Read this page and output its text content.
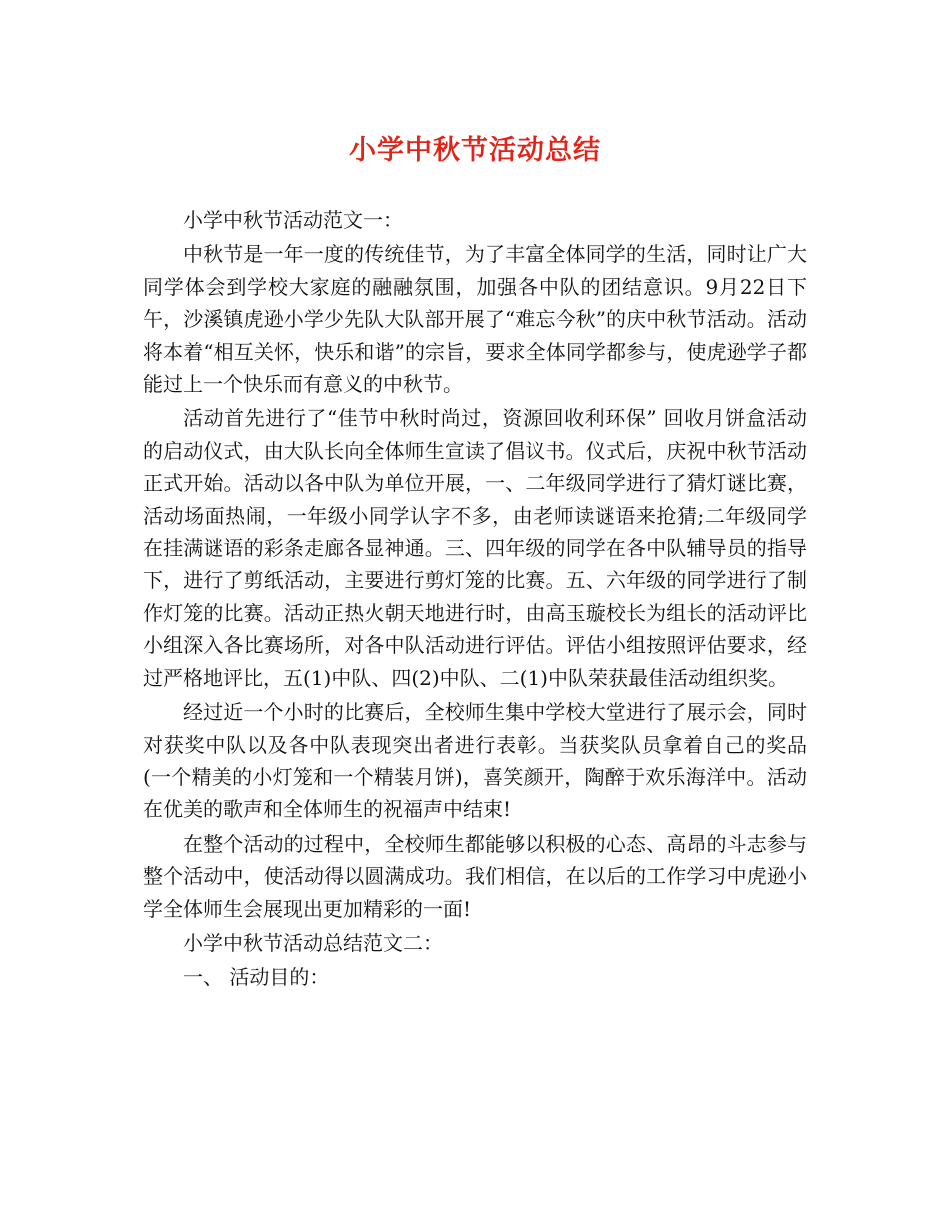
小学中秋节活动总结

小学中秋节活动范文一：

中秋节是一年一度的传统佳节，为了丰富全体同学的生活，同时让广大同学体会到学校大家庭的融融氛围，加强各中队的团结意识。9月22日下午，沙溪镇虎逊小学少先队大队部开展了“难忘今秋”的庆中秋节活动。活动将本着“相互关怀，快乐和谐”的宗旨，要求全体同学都参与，使虎逊学子都能过上一个快乐而有意义的中秋节。

活动首先进行了“佳节中秋时尚过，资源回收利环保” 回收月饼盒活动的启动仪式，由大队长向全体师生宣读了倡议书。仪式后，庆祝中秋节活动正式开始。活动以各中队为单位开展，一、二年级同学进行了猜灯谜比赛，活动场面热闹，一年级小同学认字不多，由老师读谜语来抢猜;二年级同学在挂满谜语的彩条走廊各显神通。三、四年级的同学在各中队辅导员的指导下，进行了剪纸活动，主要进行剪灯笼的比赛。五、六年级的同学进行了制作灯笼的比赛。活动正热火朝天地进行时，由高玉璇校长为组长的活动评比小组深入各比赛场所，对各中队活动进行评估。评估小组按照评估要求，经过严格地评比，五(1)中队、四(2)中队、二(1)中队荣获最佳活动组织奖。

经过近一个小时的比赛后，全校师生集中学校大堂进行了展示会，同时对获奖中队以及各中队表现突出者进行表彰。当获奖队员拿着自己的奖品(一个精美的小灯笼和一个精装月饼)，喜笑颜开，陶醉于欢乐海洋中。活动在优美的歌声和全体师生的祝福声中结束!

在整个活动的过程中，全校师生都能够以积极的心态、高昂的斗志参与整个活动中，使活动得以圆满成功。我们相信，在以后的工作学习中虎逊小学全体师生会展现出更加精彩的一面!

小学中秋节活动总结范文二：

一、 活动目的：
